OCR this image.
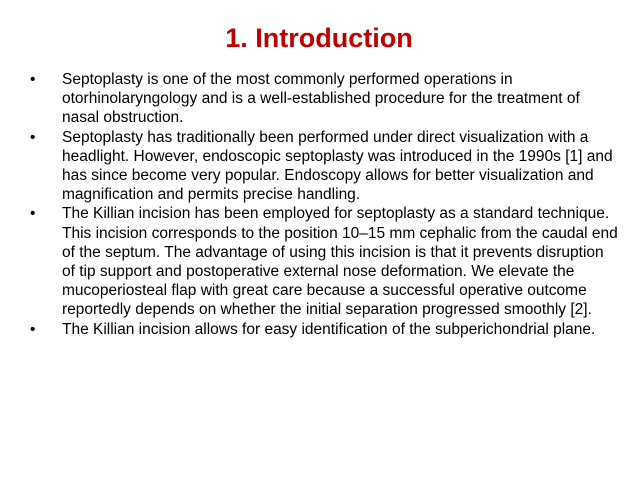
1. Introduction
•	Septoplasty is one of the most commonly performed operations in otorhinolaryngology and is a well-established procedure for the treatment of nasal obstruction.
•	Septoplasty has traditionally been performed under direct visualization with a headlight. However, endoscopic septoplasty was introduced in the 1990s [1] and has since become very popular. Endoscopy allows for better visualization and magnification and permits precise handling.
•	The Killian incision has been employed for septoplasty as a standard technique. This incision corresponds to the position 10–15 mm cephalic from the caudal end of the septum. The advantage of using this incision is that it prevents disruption of tip support and postoperative external nose deformation. We elevate the mucoperiosteal flap with great care because a successful operative outcome reportedly depends on whether the initial separation progressed smoothly [2].
•	The Killian incision allows for easy identification of the subperichondrial plane.
